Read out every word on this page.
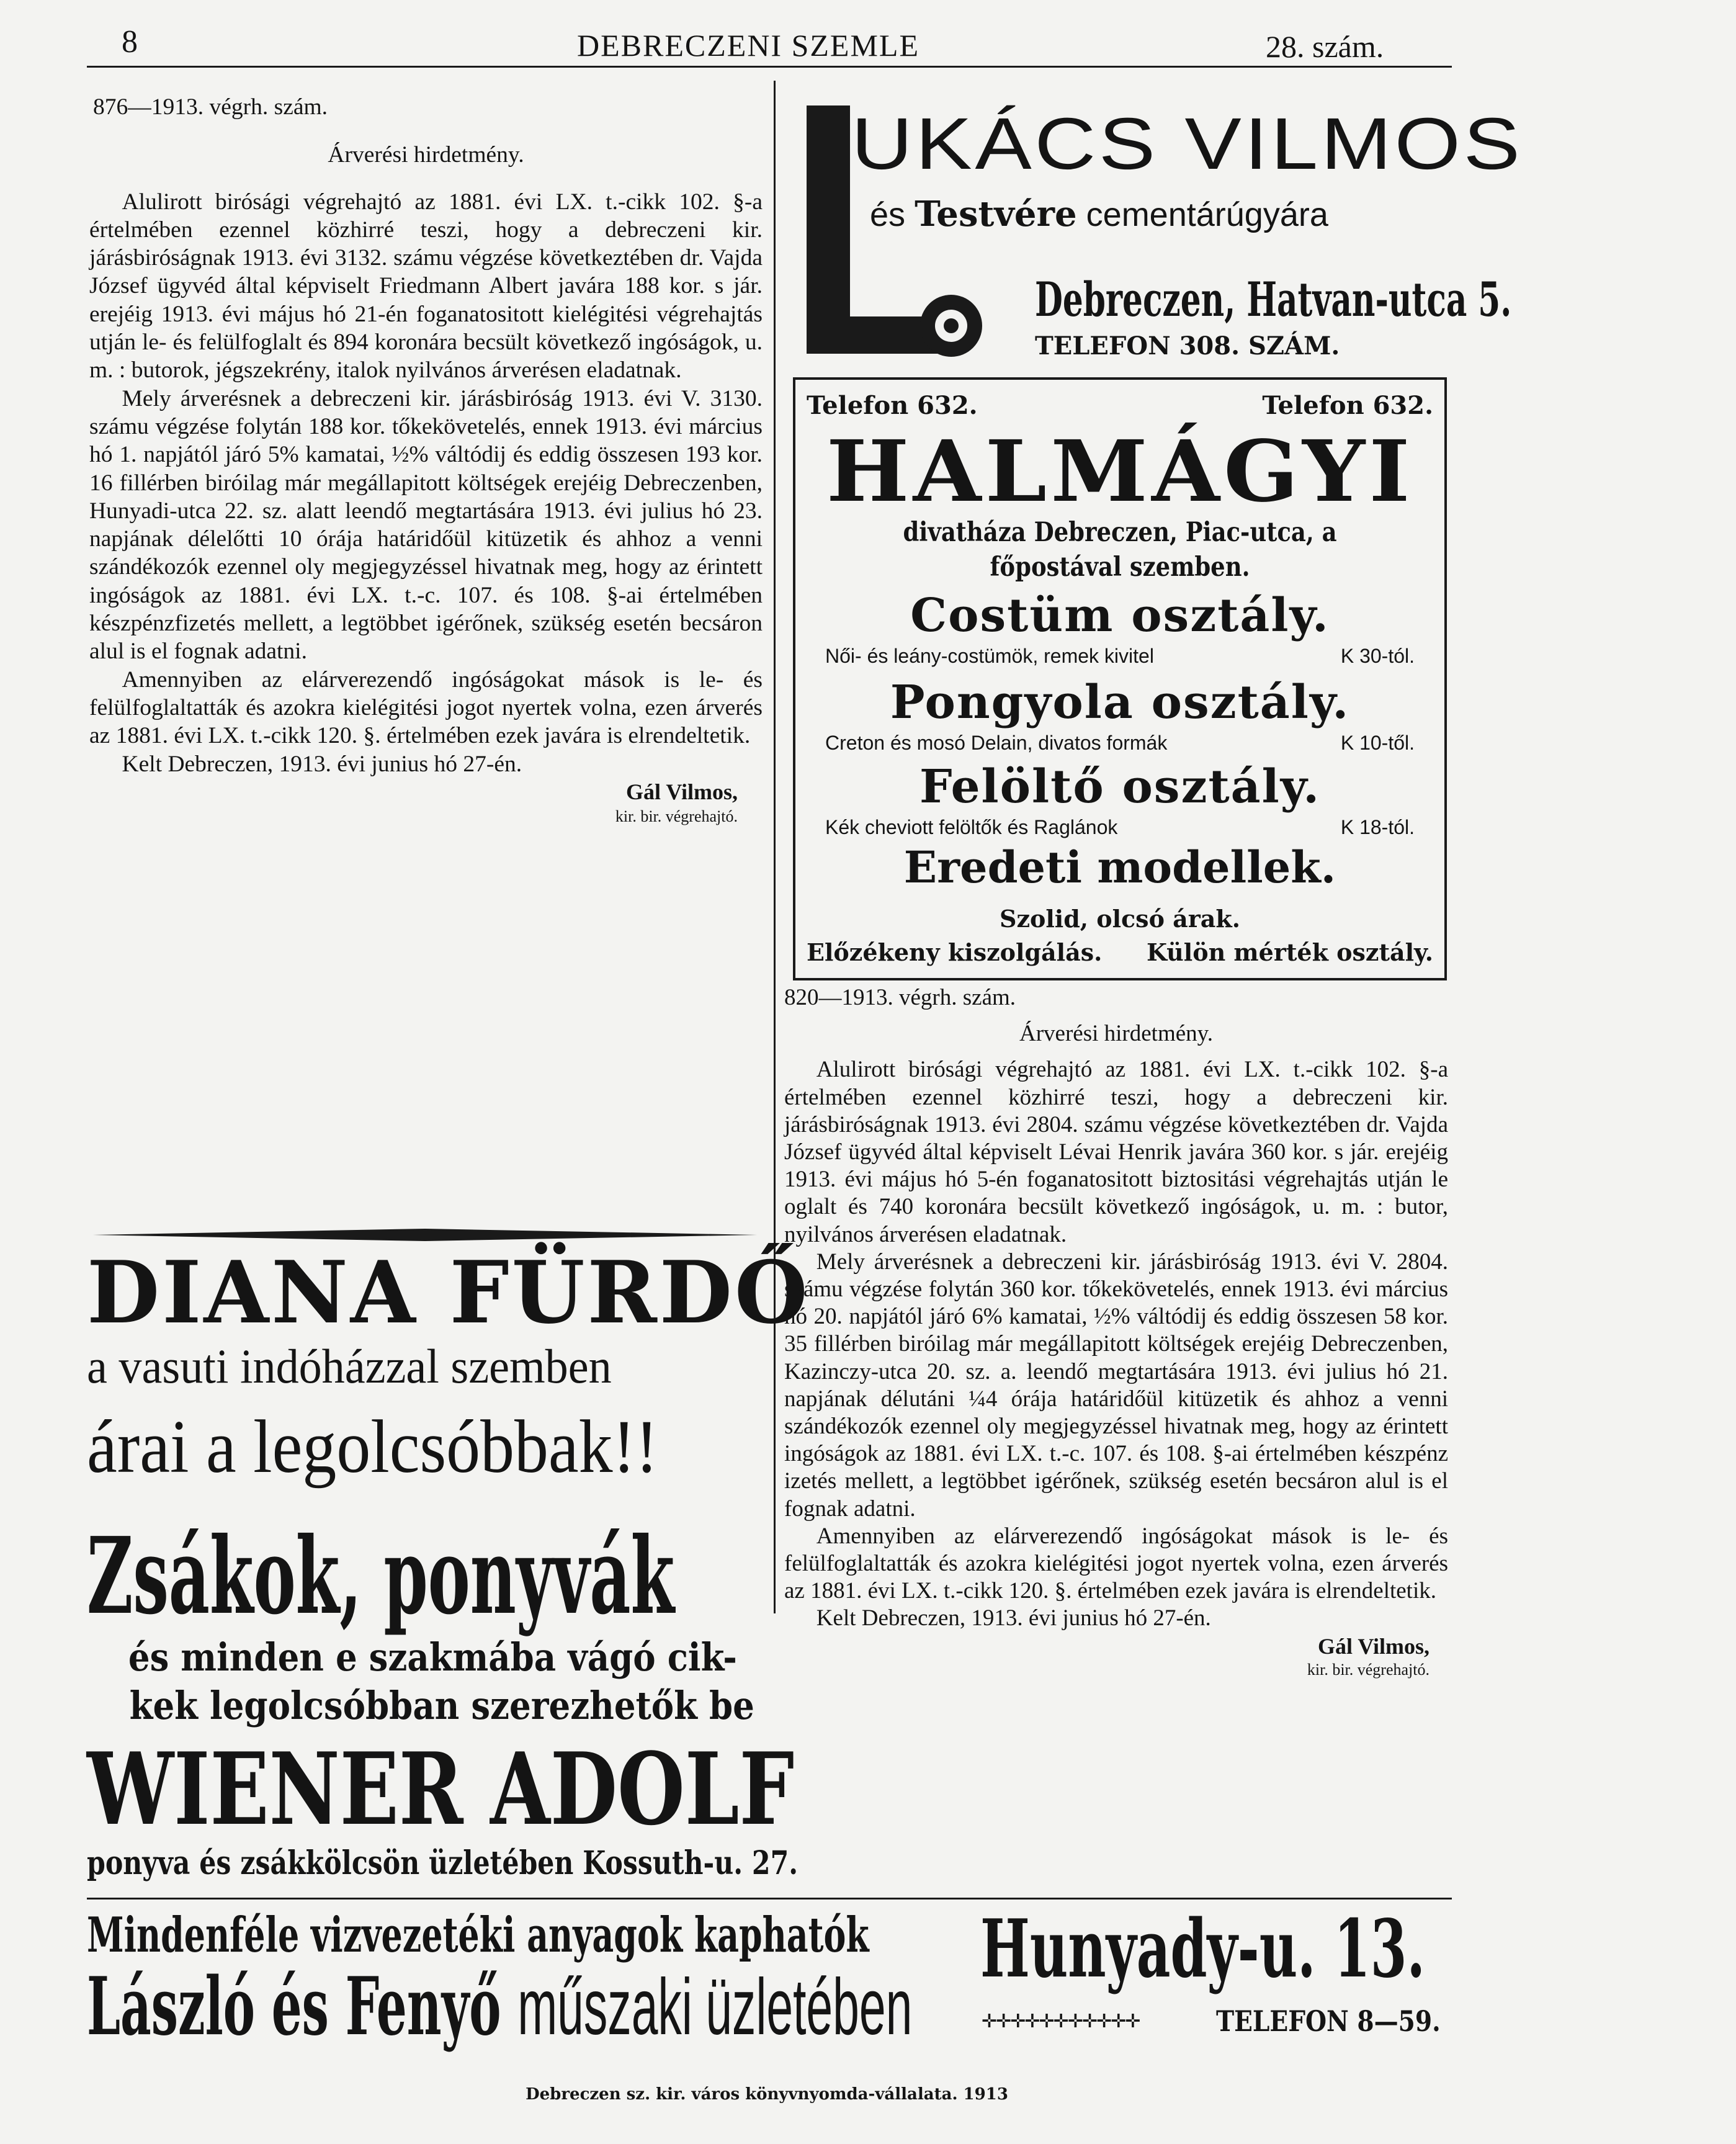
8	DEBRECZENI SZEMLE	28. szám.
876—1913. végrh. szám.
Árverési hirdetmény.

Alulirott birósági végrehajtó az 1881. évi LX. t.-cikk 102. §-a értelmében ezennel közhirré teszi, hogy a debreczeni kir. járásbiróságnak 1913. évi 3132. számu végzése következtében dr. Vajda József ügyvéd által képviselt Friedmann Albert javára 188 kor. s jár. erejéig 1913. évi május hó 21-én foganatositott kielégitési végrehajtás utján le- és felülfoglalt és 894 koronára becsült következő ingóságok, u. m. : butorok, jégszekrény, italok nyilvános árverésen eladatnak.

Mely árverésnek a debreczeni kir. járásbiróság 1913. évi V. 3130. számu végzése folytán 188 kor. tőkekövetelés, ennek 1913. évi március hó 1. napjától járó 5% kamatai, ½% váltódij és eddig összesen 193 kor. 16 fillérben biróilag már megállapitott költségek erejéig Debreczenben, Hunyadi-utca 22. sz. alatt leendő megtartására 1913. évi julius hó 23. napjának délelőtti 10 órája határidőül kitüzetik és ahhoz a venni szándékozók ezennel oly megjegyzéssel hivatnak meg, hogy az érintett ingóságok az 1881. évi LX. t.-c. 107. és 108. §-ai értelmében készpénzfizetés mellett, a legtöbbet igérőnek, szükség esetén becsáron alul is el fognak adatni.

Amennyiben az elárverezendő ingóságokat mások is le- és felülfoglaltatták és azokra kielégitési jogot nyertek volna, ezen árverés az 1881. évi LX. t.-cikk 120. §. értelmében ezek javára is elrendeltetik.

Kelt Debreczen, 1913. évi junius hó 27-én.

Gál Vilmos,
kir. bir. végrehajtó.
DIANA FÜRDŐ
a vasuti indóházzal szemben
árai a legolcsóbbak!!
Zsákok, ponyvák
és minden e szakmába vágó cik-
kek legolcsóbban szerezhetők be
WIENER ADOLF
ponyva és zsákkölcsön üzletében Kossuth-u. 27.
UKÁCS VILMOS
és Testvére cementárúgyára
Debreczen, Hatvan-utca 5.
TELEFON 308. SZÁM.
Telefon 632.	Telefon 632.
HALMÁGYI
divatháza Debreczen, Piac-utca, a főpostával szemben.
Costüm osztály.
Női- és leány-costümök, remek kivitel	K 30-tól.
Pongyola osztály.
Creton és mosó Delain, divatos formák	K 10-től.
Felöltő osztály.
Kék cheviott felöltők és Raglánok	K 18-tól.
Eredeti modellek.
Szolid, olcsó árak.
Előzékeny kiszolgálás. Külön mérték osztály.
820—1913. végrh. szám.
Árverési hirdetmény.

Alulirott birósági végrehajtó az 1881. évi LX. t.-cikk 102. §-a értelmében ezennel közhirré teszi, hogy a debreczeni kir. járásbiróságnak 1913. évi 2804. számu végzése következtében dr. Vajda József ügyvéd által képviselt Lévai Henrik javára 360 kor. s jár. erejéig 1913. évi május hó 5-én foganatositott biztositási végrehajtás utján le oglalt és 740 koronára becsült következő ingóságok, u. m. : butor, nyilvános árverésen eladatnak.

Mely árverésnek a debreczeni kir. járásbiróság 1913. évi V. 2804. számu végzése folytán 360 kor. tőkekövetelés, ennek 1913. évi március hó 20. napjától járó 6% kamatai, ½% váltódij és eddig összesen 58 kor. 35 fillérben biróilag már megállapitott költségek erejéig Debreczenben, Kazinczy-utca 20. sz. a. leendő megtartására 1913. évi julius hó 21. napjának délutáni ¼4 órája határidőül kitüzetik és ahhoz a venni szándékozók ezennel oly megjegyzéssel hivatnak meg, hogy az érintett ingóságok az 1881. évi LX. t.-c. 107. és 108. §-ai értelmében készpénz izetés mellett, a legtöbbet igérőnek, szükség esetén becsáron alul is el fognak adatni.

Amennyiben az elárverezendő ingóságokat mások is le- és felülfoglaltatták és azokra kielégitési jogot nyertek volna, ezen árverés az 1881. évi LX. t.-cikk 120. §. értelmében ezek javára is elrendeltetik.

Kelt Debreczen, 1913. évi junius hó 27-én.

Gál Vilmos,
kir. bir. végrehajtó.
Mindenféle vizvezetéki anyagok kaphatók	Hunyady-u. 13.
László és Fenyő műszaki üzletében	✛✛✛✛✛✛✛✛✛✛✛	TELEFON 8—59.
Debreczen sz. kir. város könyvnyomda-vállalata. 1913
